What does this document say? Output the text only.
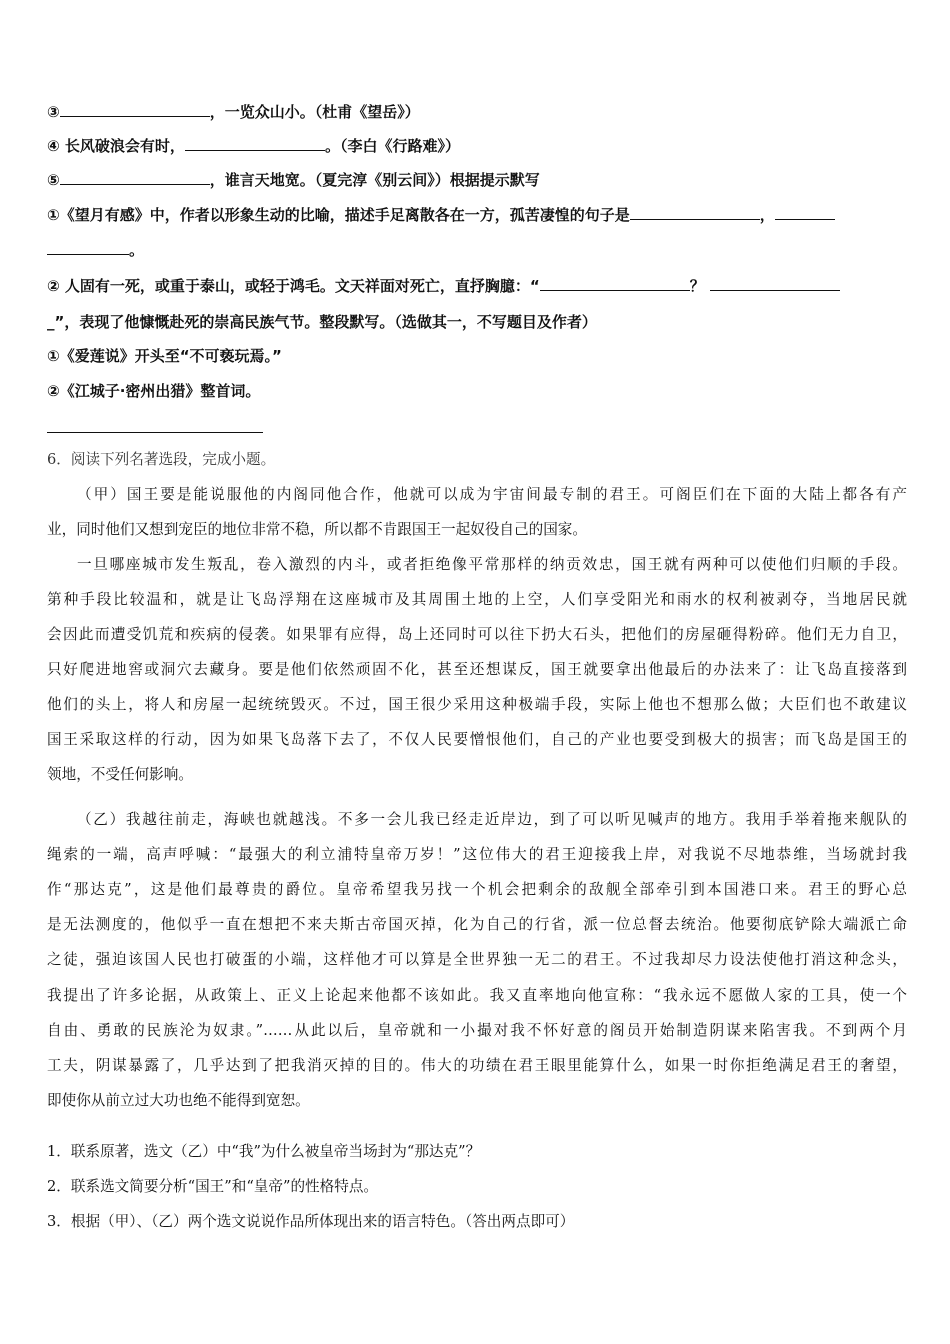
③	，一览众山小。（杜甫《望岳》）
④ 长风破浪会有时，	。（李白《行路难》）
⑤	，谁言天地宽。（夏完淳《别云间》）根据提示默写
①《望月有感》中，作者以形象生动的比喻，描述手足离散各在一方，孤苦凄惶的句子是	，
。
② 人固有一死，或重于泰山，或轻于鸿毛。文天祥面对死亡，直抒胸臆：“	？
_”，表现了他慷慨赴死的崇高民族气节。整段默写。（选做其一，不写题目及作者）
①《爱莲说》开头至“不可亵玩焉。”
②《江城子·密州出猎》整首词。
6．阅读下列名著选段，完成小题。
（甲）国王要是能说服他的内阁同他合作，他就可以成为宇宙间最专制的君王。可阁臣们在下面的大陆上都各有产
业，同时他们又想到宠臣的地位非常不稳，所以都不肯跟国王一起奴役自己的国家。
一旦哪座城市发生叛乱，卷入激烈的内斗，或者拒绝像平常那样的纳贡效忠，国王就有两种可以使他们归顺的手段。
第种手段比较温和，就是让飞岛浮翔在这座城市及其周围土地的上空，人们享受阳光和雨水的权利被剥夺，当地居民就
会因此而遭受饥荒和疾病的侵袭。如果罪有应得，岛上还同时可以往下扔大石头，把他们的房屋砸得粉碎。他们无力自卫，
只好爬进地窖或洞穴去藏身。要是他们依然顽固不化，甚至还想谋反，国王就要拿出他最后的办法来了：让飞岛直接落到
他们的头上，将人和房屋一起统统毁灭。不过，国王很少采用这种极端手段，实际上他也不想那么做；大臣们也不敢建议
国王采取这样的行动，因为如果飞岛落下去了，不仅人民要憎恨他们，自己的产业也要受到极大的损害；而飞岛是国王的
领地，不受任何影响。
（乙）我越往前走，海峡也就越浅。不多一会儿我已经走近岸边，到了可以听见喊声的地方。我用手举着拖来舰队的
绳索的一端，高声呼喊：“最强大的利立浦特皇帝万岁！”这位伟大的君王迎接我上岸，对我说不尽地恭维，当场就封我
作“那达克”，这是他们最尊贵的爵位。皇帝希望我另找一个机会把剩余的敌舰全部牵引到本国港口来。君王的野心总
是无法测度的，他似乎一直在想把不来夫斯古帝国灭掉，化为自己的行省，派一位总督去统治。他要彻底铲除大端派亡命
之徒，强迫该国人民也打破蛋的小端，这样他才可以算是全世界独一无二的君王。不过我却尽力设法使他打消这种念头，
我提出了许多论据，从政策上、正义上论起来他都不该如此。我又直率地向他宣称：“我永远不愿做人家的工具，使一个
自由、勇敢的民族沦为奴隶。”……从此以后，皇帝就和一小撮对我不怀好意的阁员开始制造阴谋来陷害我。不到两个月
工夫，阴谋暴露了，几乎达到了把我消灭掉的目的。伟大的功绩在君王眼里能算什么，如果一时你拒绝满足君王的奢望，
即使你从前立过大功也绝不能得到宽恕。
1．联系原著，选文（乙）中“我”为什么被皇帝当场封为“那达克”？
2．联系选文简要分析“国王”和“皇帝”的性格特点。
3．根据（甲）、（乙）两个选文说说作品所体现出来的语言特色。（答出两点即可）
